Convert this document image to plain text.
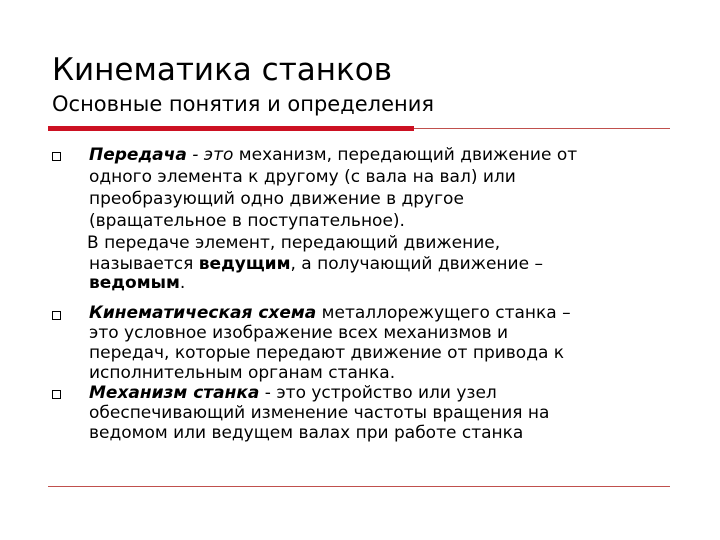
Кинематика станков
Основные понятия и определения
Передача - это механизм, передающий движение от
одного элемента к другому (с вала на вал) или
преобразующий одно движение в другое
(вращательное в поступательное).
В передаче элемент, передающий движение,
называется ведущим, а получающий движение –
ведомым.
Кинематическая схема металлорежущего станка –
это условное изображение всех механизмов и
передач, которые передают движение от привода к
исполнительным органам станка.
Механизм станка - это устройство или узел
обеспечивающий изменение частоты вращения на
ведомом или ведущем валах при работе станка
